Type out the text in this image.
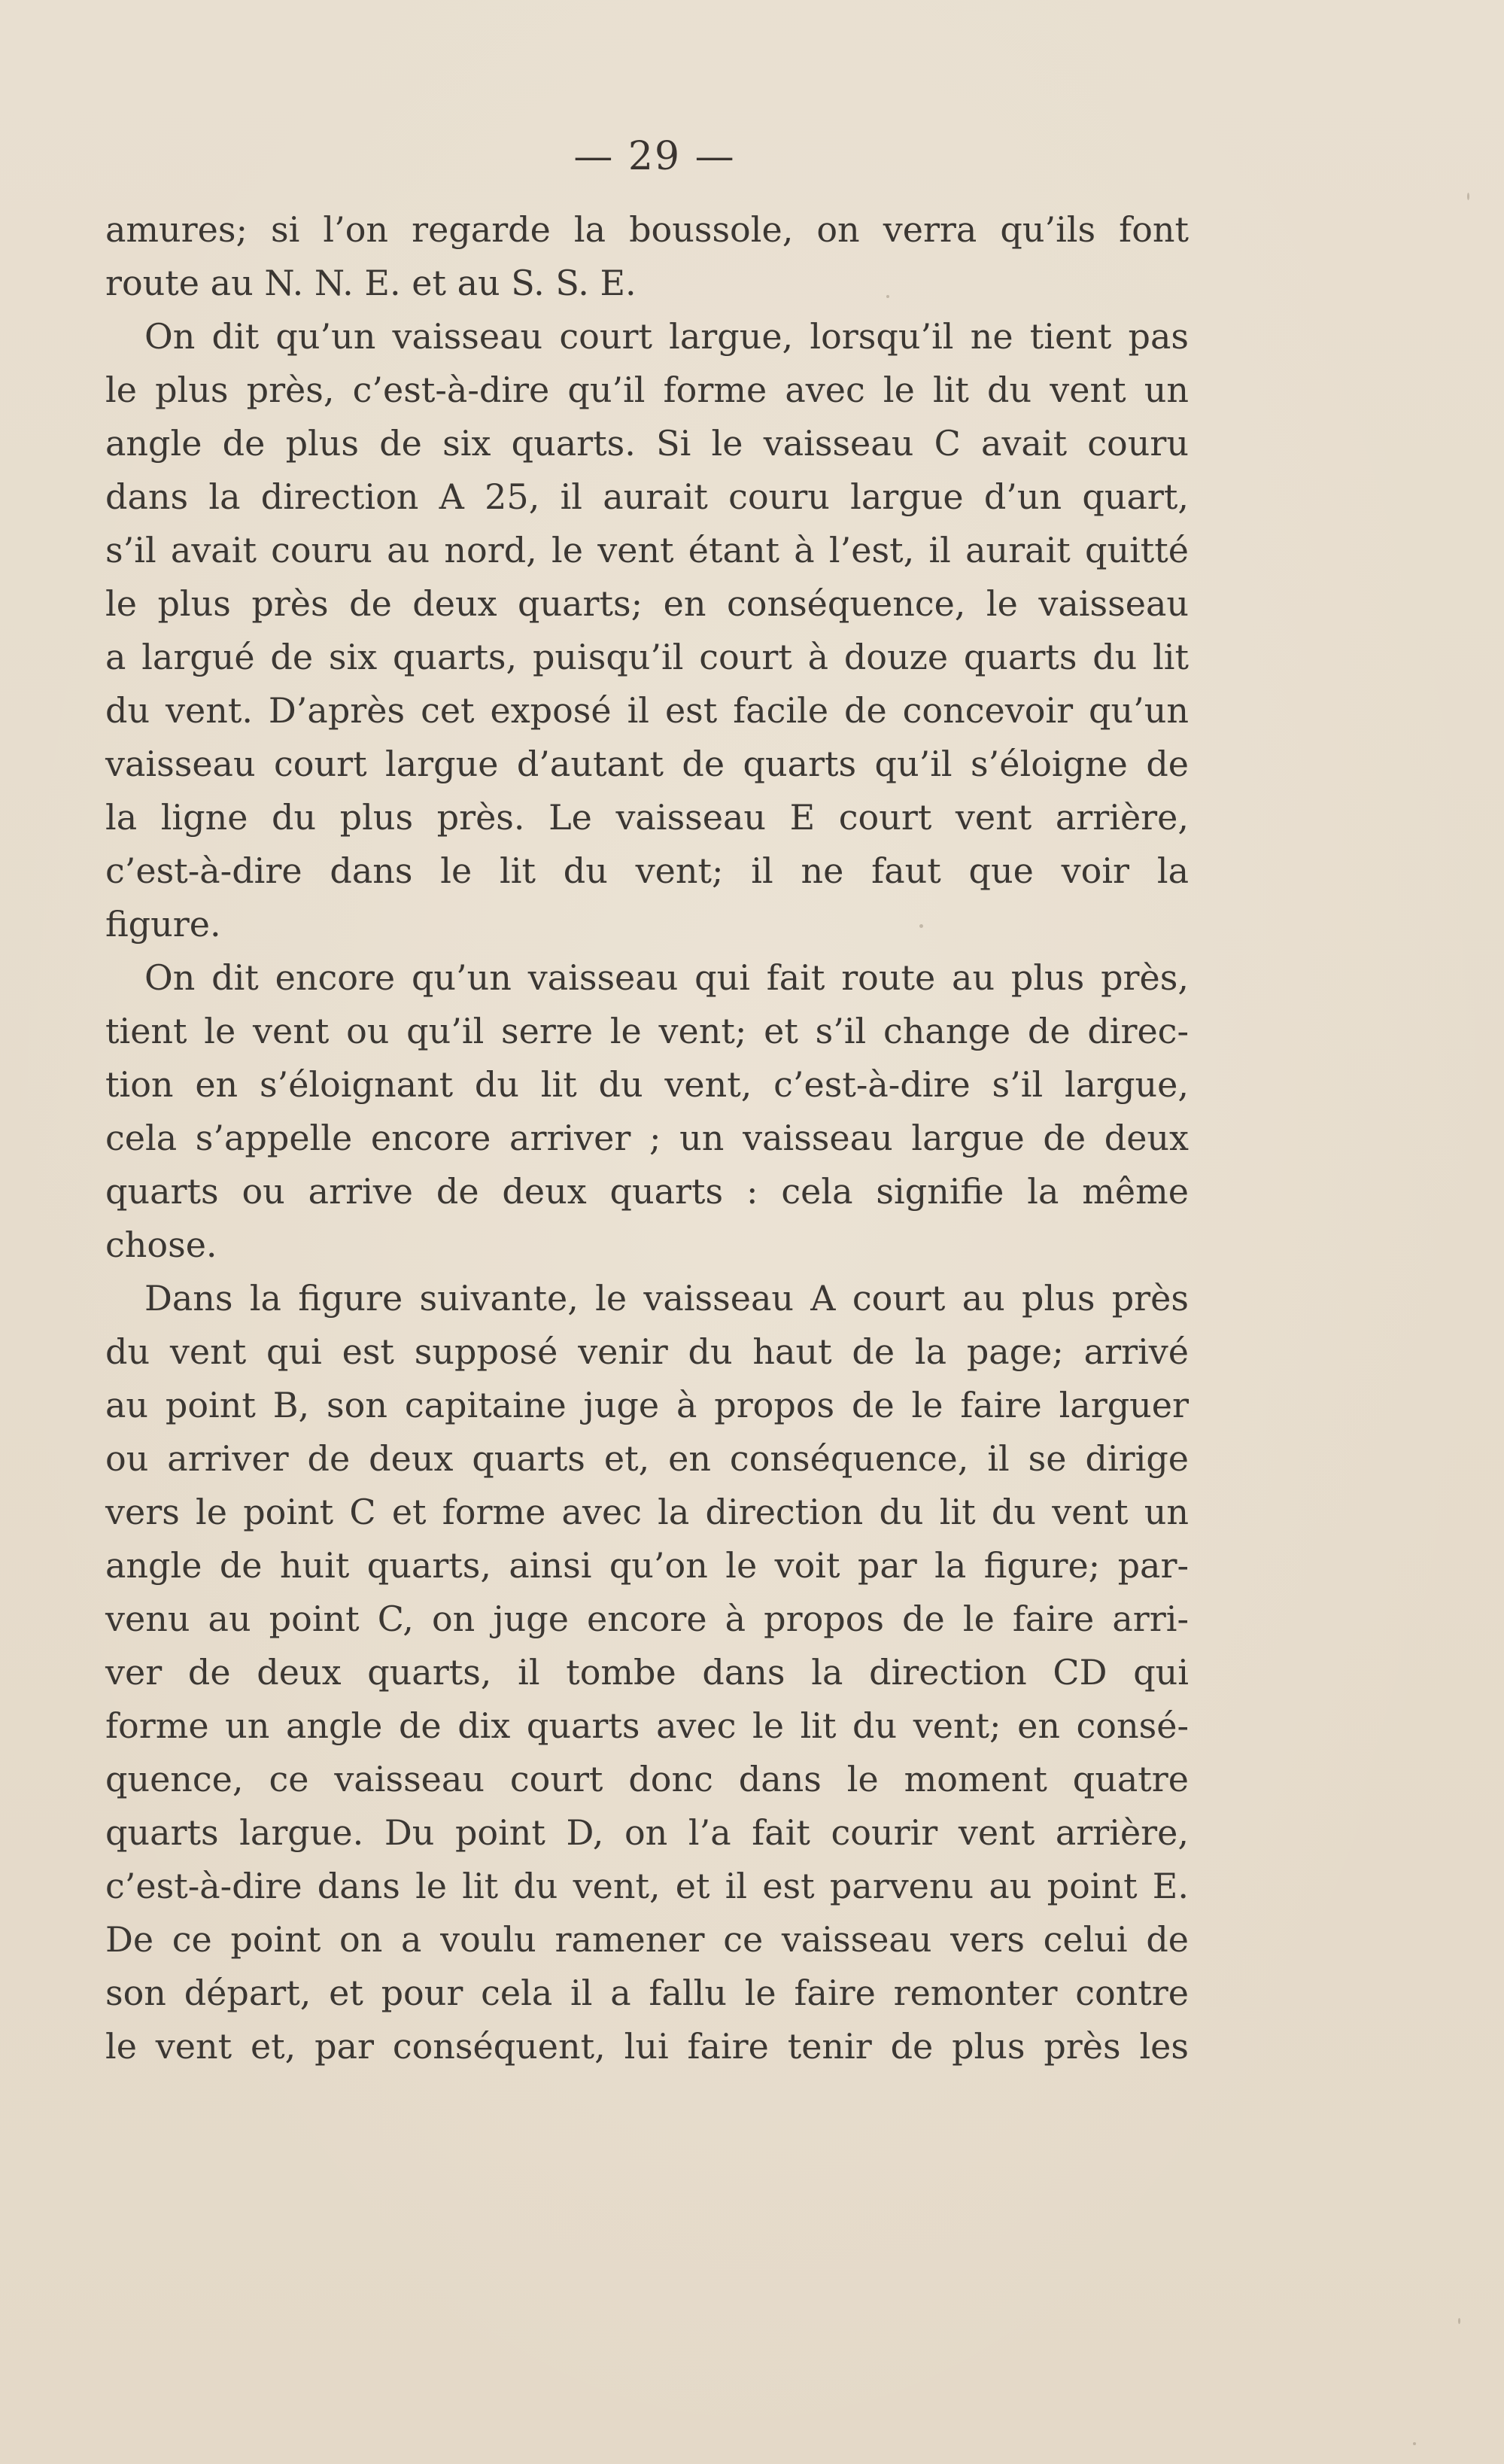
— 29 —
amures; si l’on regarde la boussole, on verra qu’ils font
route au N. N. E. et au S. S. E.
On dit qu’un vaisseau court largue, lorsqu’il ne tient pas
le plus près, c’est-à-dire qu’il forme avec le lit du vent un
angle de plus de six quarts. Si le vaisseau C avait couru
dans la direction A 25, il aurait couru largue d’un quart,
s’il avait couru au nord, le vent étant à l’est, il aurait quitté
le plus près de deux quarts; en conséquence, le vaisseau
a largué de six quarts, puisqu’il court à douze quarts du lit
du vent. D’après cet exposé il est facile de concevoir qu’un
vaisseau court largue d’autant de quarts qu’il s’éloigne de
la ligne du plus près. Le vaisseau E court vent arrière,
c’est-à-dire dans le lit du vent; il ne faut que voir la
figure.
On dit encore qu’un vaisseau qui fait route au plus près,
tient le vent ou qu’il serre le vent; et s’il change de direc-
tion en s’éloignant du lit du vent, c’est-à-dire s’il largue,
cela s’appelle encore arriver ; un vaisseau largue de deux
quarts ou arrive de deux quarts : cela signifie la même
chose.
Dans la figure suivante, le vaisseau A court au plus près
du vent qui est supposé venir du haut de la page; arrivé
au point B, son capitaine juge à propos de le faire larguer
ou arriver de deux quarts et, en conséquence, il se dirige
vers le point C et forme avec la direction du lit du vent un
angle de huit quarts, ainsi qu’on le voit par la figure; par-
venu au point C, on juge encore à propos de le faire arri-
ver de deux quarts, il tombe dans la direction CD qui
forme un angle de dix quarts avec le lit du vent; en consé-
quence, ce vaisseau court donc dans le moment quatre
quarts largue. Du point D, on l’a fait courir vent arrière,
c’est-à-dire dans le lit du vent, et il est parvenu au point E.
De ce point on a voulu ramener ce vaisseau vers celui de
son départ, et pour cela il a fallu le faire remonter contre
le vent et, par conséquent, lui faire tenir de plus près les
